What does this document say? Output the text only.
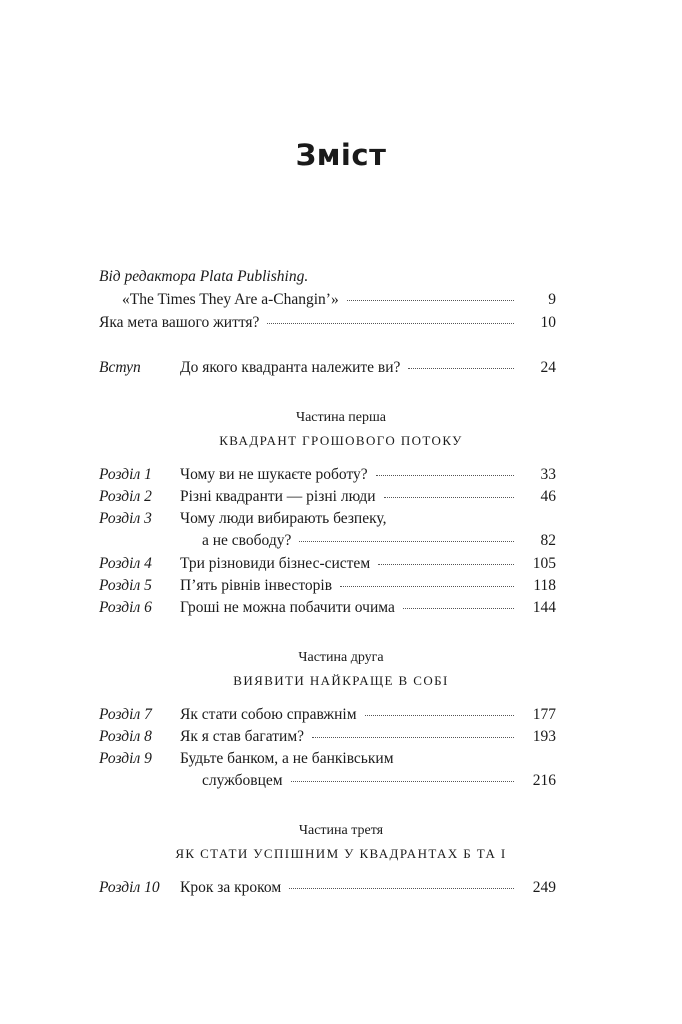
Зміст
Від редактора Plata Publishing.
«The Times They Are a-Changin’»	9
Яка мета вашого життя?	10
Вступ	До якого квадранта належите ви?	24
Частина перша
КВАДРАНТ ГРОШОВОГО ПОТОКУ
Розділ 1 Чому ви не шукаєте роботу?	33
Розділ 2 Різні квадранти — різні люди	46
Розділ 3 Чому люди вибирають безпеку,
а не свободу?	82
Розділ 4 Три різновиди бізнес-систем	105
Розділ 5 П’ять рівнів інвесторів	118
Розділ 6 Гроші не можна побачити очима	144
Частина друга
ВИЯВИТИ НАЙКРАЩЕ В СОБІ
Розділ 7 Як стати собою справжнім	177
Розділ 8 Як я став багатим?	193
Розділ 9 Будьте банком, а не банківським
службовцем	216
Частина третя
ЯК СТАТИ УСПІШНИМ У КВАДРАНТАХ Б ТА І
Розділ 10 Крок за кроком	249
